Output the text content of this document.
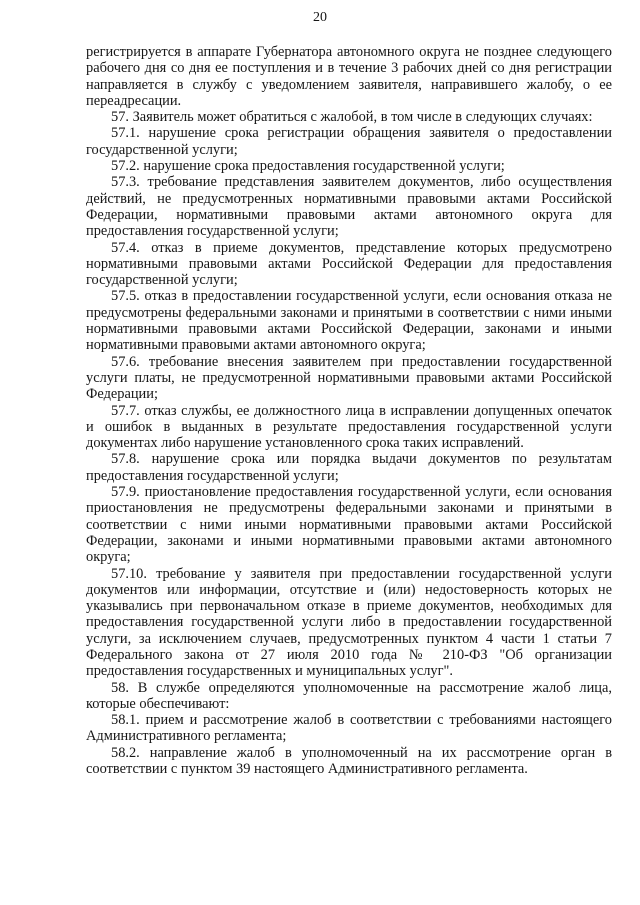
20

регистрируется в аппарате Губернатора автономного округа не позднее следующего рабочего дня со дня ее поступления и в течение 3 рабочих дней со дня регистрации направляется в службу с уведомлением заявителя, направившего жалобу, о ее переадресации.

57. Заявитель может обратиться с жалобой, в том числе в следующих случаях:

57.1. нарушение срока регистрации обращения заявителя о предоставлении государственной услуги;

57.2. нарушение срока предоставления государственной услуги;

57.3. требование представления заявителем документов, либо осуществления действий, не предусмотренных нормативными правовыми актами Российской Федерации, нормативными правовыми актами автономного округа для предоставления государственной услуги;

57.4. отказ в приеме документов, представление которых предусмотрено нормативными правовыми актами Российской Федерации для предоставления государственной услуги;

57.5. отказ в предоставлении государственной услуги, если основания отказа не предусмотрены федеральными законами и принятыми в соответствии с ними иными нормативными правовыми актами Российской Федерации, законами и иными нормативными правовыми актами автономного округа;

57.6. требование внесения заявителем при предоставлении государственной услуги платы, не предусмотренной нормативными правовыми актами Российской Федерации;

57.7. отказ службы, ее должностного лица в исправлении допущенных опечаток и ошибок в выданных в результате предоставления государственной услуги документах либо нарушение установленного срока таких исправлений.

57.8. нарушение срока или порядка выдачи документов по результатам предоставления государственной услуги;

57.9. приостановление предоставления государственной услуги, если основания приостановления не предусмотрены федеральными законами и принятыми в соответствии с ними иными нормативными правовыми актами Российской Федерации, законами и иными нормативными правовыми актами автономного округа;

57.10. требование у заявителя при предоставлении государственной услуги документов или информации, отсутствие и (или) недостоверность которых не указывались при первоначальном отказе в приеме документов, необходимых для предоставления государственной услуги либо в предоставлении государственной услуги, за исключением случаев, предусмотренных пунктом 4 части 1 статьи 7 Федерального закона от 27 июля 2010 года № 210-ФЗ "Об организации предоставления государственных и муниципальных услуг".

58. В службе определяются уполномоченные на рассмотрение жалоб лица, которые обеспечивают:

58.1. прием и рассмотрение жалоб в соответствии с требованиями настоящего Административного регламента;

58.2. направление жалоб в уполномоченный на их рассмотрение орган в соответствии с пунктом 39 настоящего Административного регламента.
